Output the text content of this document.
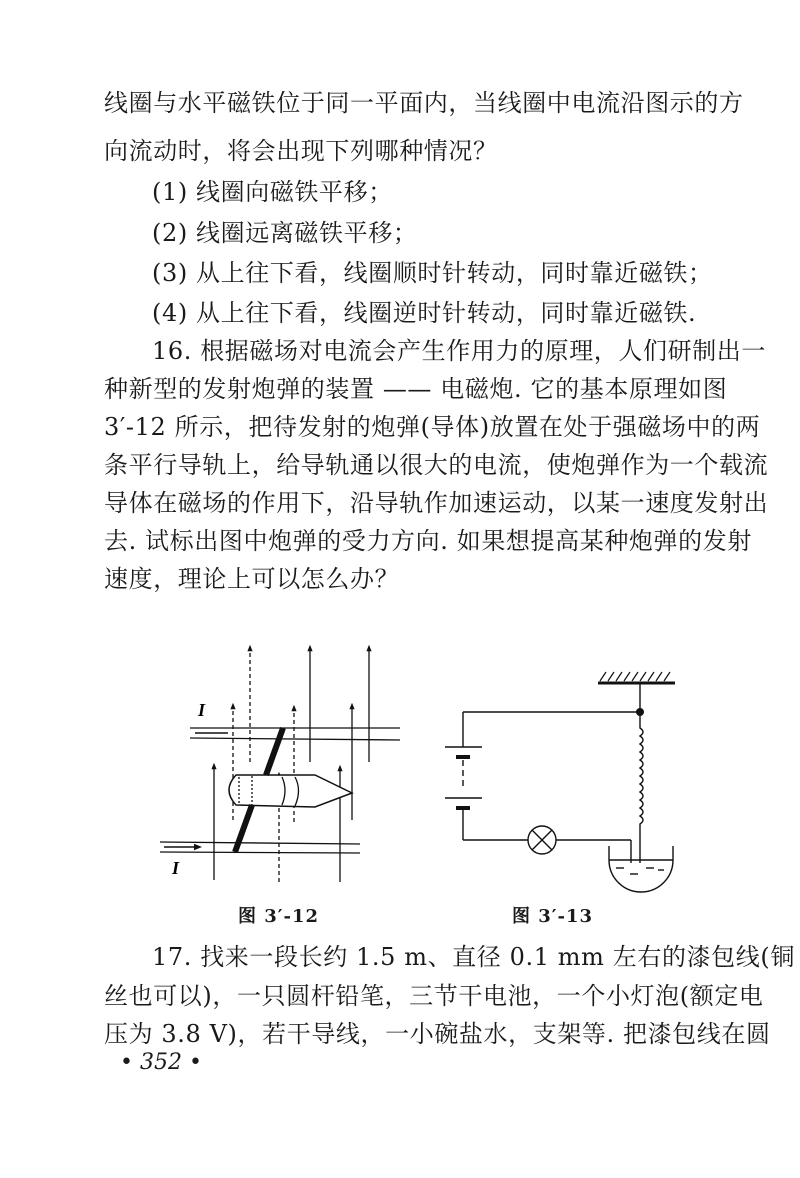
线圈与水平磁铁位于同一平面内，当线圈中电流沿图示的方
向流动时，将会出现下列哪种情况？
(1) 线圈向磁铁平移；
(2) 线圈远离磁铁平移；
(3) 从上往下看，线圈顺时针转动，同时靠近磁铁；
(4) 从上往下看，线圈逆时针转动，同时靠近磁铁.
16. 根据磁场对电流会产生作用力的原理，人们研制出一
种新型的发射炮弹的装置 —— 电磁炮. 它的基本原理如图
3′-12 所示，把待发射的炮弹(导体)放置在处于强磁场中的两
条平行导轨上，给导轨通以很大的电流，使炮弹作为一个载流
导体在磁场的作用下，沿导轨作加速运动，以某一速度发射出
去. 试标出图中炮弹的受力方向. 如果想提高某种炮弹的发射
速度，理论上可以怎么办？
I
I
图 3′-12	图 3′-13
17. 找来一段长约 1.5 m、直径 0.1 mm 左右的漆包线(铜
丝也可以)，一只圆杆铅笔，三节干电池，一个小灯泡(额定电
压为 3.8 V)，若干导线，一小碗盐水，支架等. 把漆包线在圆
• 352 •
